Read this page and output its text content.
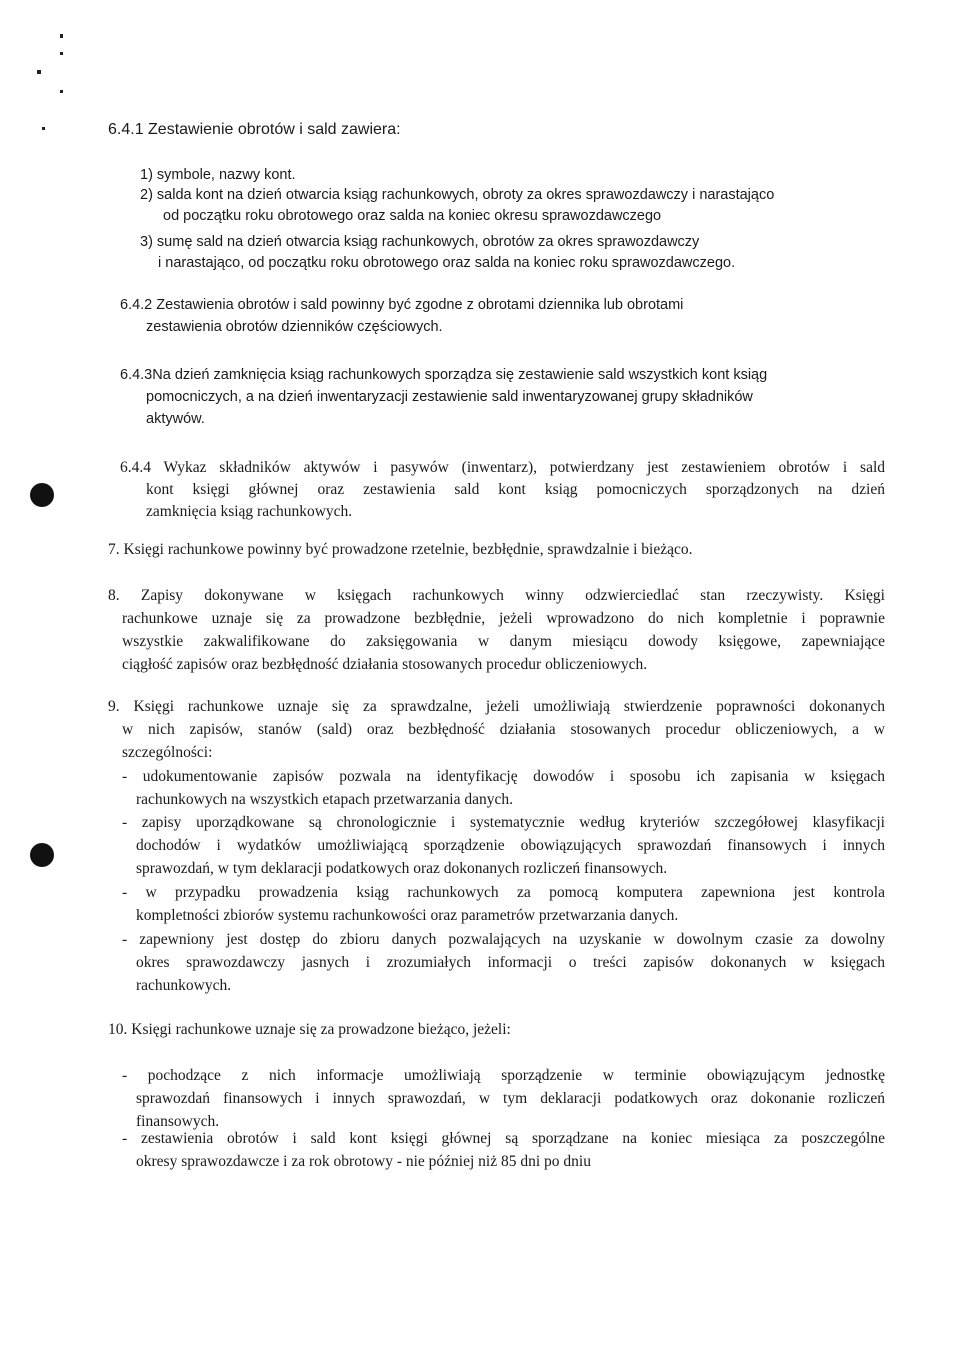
6.4.1 Zestawienie obrotów i sald zawiera:
1) symbole, nazwy kont.
2) salda kont na dzień otwarcia ksiąg rachunkowych, obroty za okres sprawozdawczy i narastająco
od początku roku obrotowego oraz salda na koniec okresu sprawozdawczego
3) sumę sald na dzień otwarcia ksiąg rachunkowych, obrotów za okres sprawozdawczy
i narastająco, od początku roku obrotowego oraz salda na koniec roku sprawozdawczego.
6.4.2 Zestawienia obrotów i sald powinny być zgodne z obrotami dziennika lub obrotami
zestawienia obrotów dzienników częściowych.
6.4.3Na dzień zamknięcia ksiąg rachunkowych sporządza się zestawienie sald wszystkich kont ksiąg
pomocniczych, a na dzień inwentaryzacji zestawienie sald inwentaryzowanej grupy składników
aktywów.
6.4.4 Wykaz składników aktywów i pasywów (inwentarz), potwierdzany jest zestawieniem obrotów i sald
kont księgi głównej oraz zestawienia sald kont ksiąg pomocniczych sporządzonych na dzień
zamknięcia ksiąg rachunkowych.
7. Księgi rachunkowe powinny być prowadzone rzetelnie, bezbłędnie, sprawdzalnie i bieżąco.
8. Zapisy dokonywane w księgach rachunkowych winny odzwierciedlać stan rzeczywisty. Księgi
rachunkowe uznaje się za prowadzone bezbłędnie, jeżeli wprowadzono do nich kompletnie i poprawnie
wszystkie zakwalifikowane do zaksięgowania w danym miesiącu dowody księgowe, zapewniające
ciągłość zapisów oraz bezbłędność działania stosowanych procedur obliczeniowych.
9. Księgi rachunkowe uznaje się za sprawdzalne, jeżeli umożliwiają stwierdzenie poprawności dokonanych
w nich zapisów, stanów (sald) oraz bezbłędność działania stosowanych procedur obliczeniowych, a w
szczególności:
- udokumentowanie zapisów pozwala na identyfikację dowodów i sposobu ich zapisania w księgach
rachunkowych na wszystkich etapach przetwarzania danych.
- zapisy uporządkowane są chronologicznie i systematycznie według kryteriów szczegółowej klasyfikacji
dochodów i wydatków umożliwiającą sporządzenie obowiązujących sprawozdań finansowych i innych
sprawozdań, w tym deklaracji podatkowych oraz dokonanych rozliczeń finansowych.
- w przypadku prowadzenia ksiąg rachunkowych za pomocą komputera zapewniona jest kontrola
kompletności zbiorów systemu rachunkowości oraz parametrów przetwarzania danych.
- zapewniony jest dostęp do zbioru danych pozwalających na uzyskanie w dowolnym czasie za dowolny
okres sprawozdawczy jasnych i zrozumiałych informacji o treści zapisów dokonanych w księgach
rachunkowych.
10. Księgi rachunkowe uznaje się za prowadzone bieżąco, jeżeli:
- pochodzące z nich informacje umożliwiają sporządzenie w terminie obowiązującym jednostkę
sprawozdań finansowych i innych sprawozdań, w tym deklaracji podatkowych oraz dokonanie rozliczeń
finansowych.
- zestawienia obrotów i sald kont księgi głównej są sporządzane na koniec miesiąca za poszczególne
okresy sprawozdawcze i za rok obrotowy - nie później niż 85 dni po dniu
